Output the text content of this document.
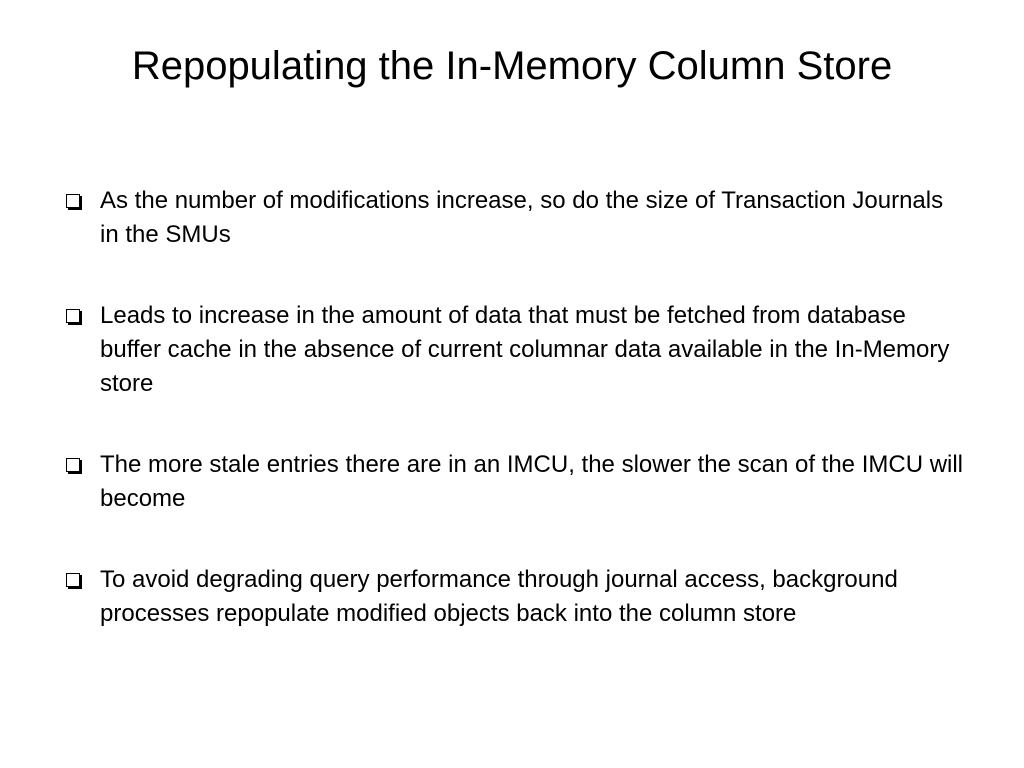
Repopulating the In-Memory Column Store
As the number of modifications increase, so do the size of Transaction Journals in the SMUs
Leads to increase in the amount of data that must be fetched from database buffer cache in the absence of current columnar data available in the In-Memory store
The more stale entries there are in an IMCU, the slower the scan of the IMCU will become
To avoid degrading query performance through journal access, background processes repopulate modified objects back into the column store
